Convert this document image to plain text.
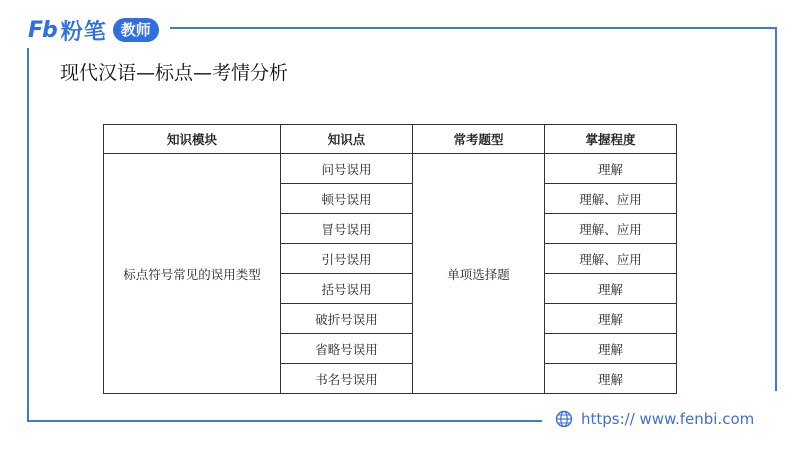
Fb 粉笔 教师
现代汉语—标点—考情分析
知识模块	知识点	常考题型	掌握程度
标点符号常见的误用类型	问号误用	单项选择题	理解
	顿号误用		理解、应用
	冒号误用		理解、应用
	引号误用		理解、应用
	括号误用		理解
	破折号误用		理解
	省略号误用		理解
	书名号误用		理解
https:// www.fenbi.com
